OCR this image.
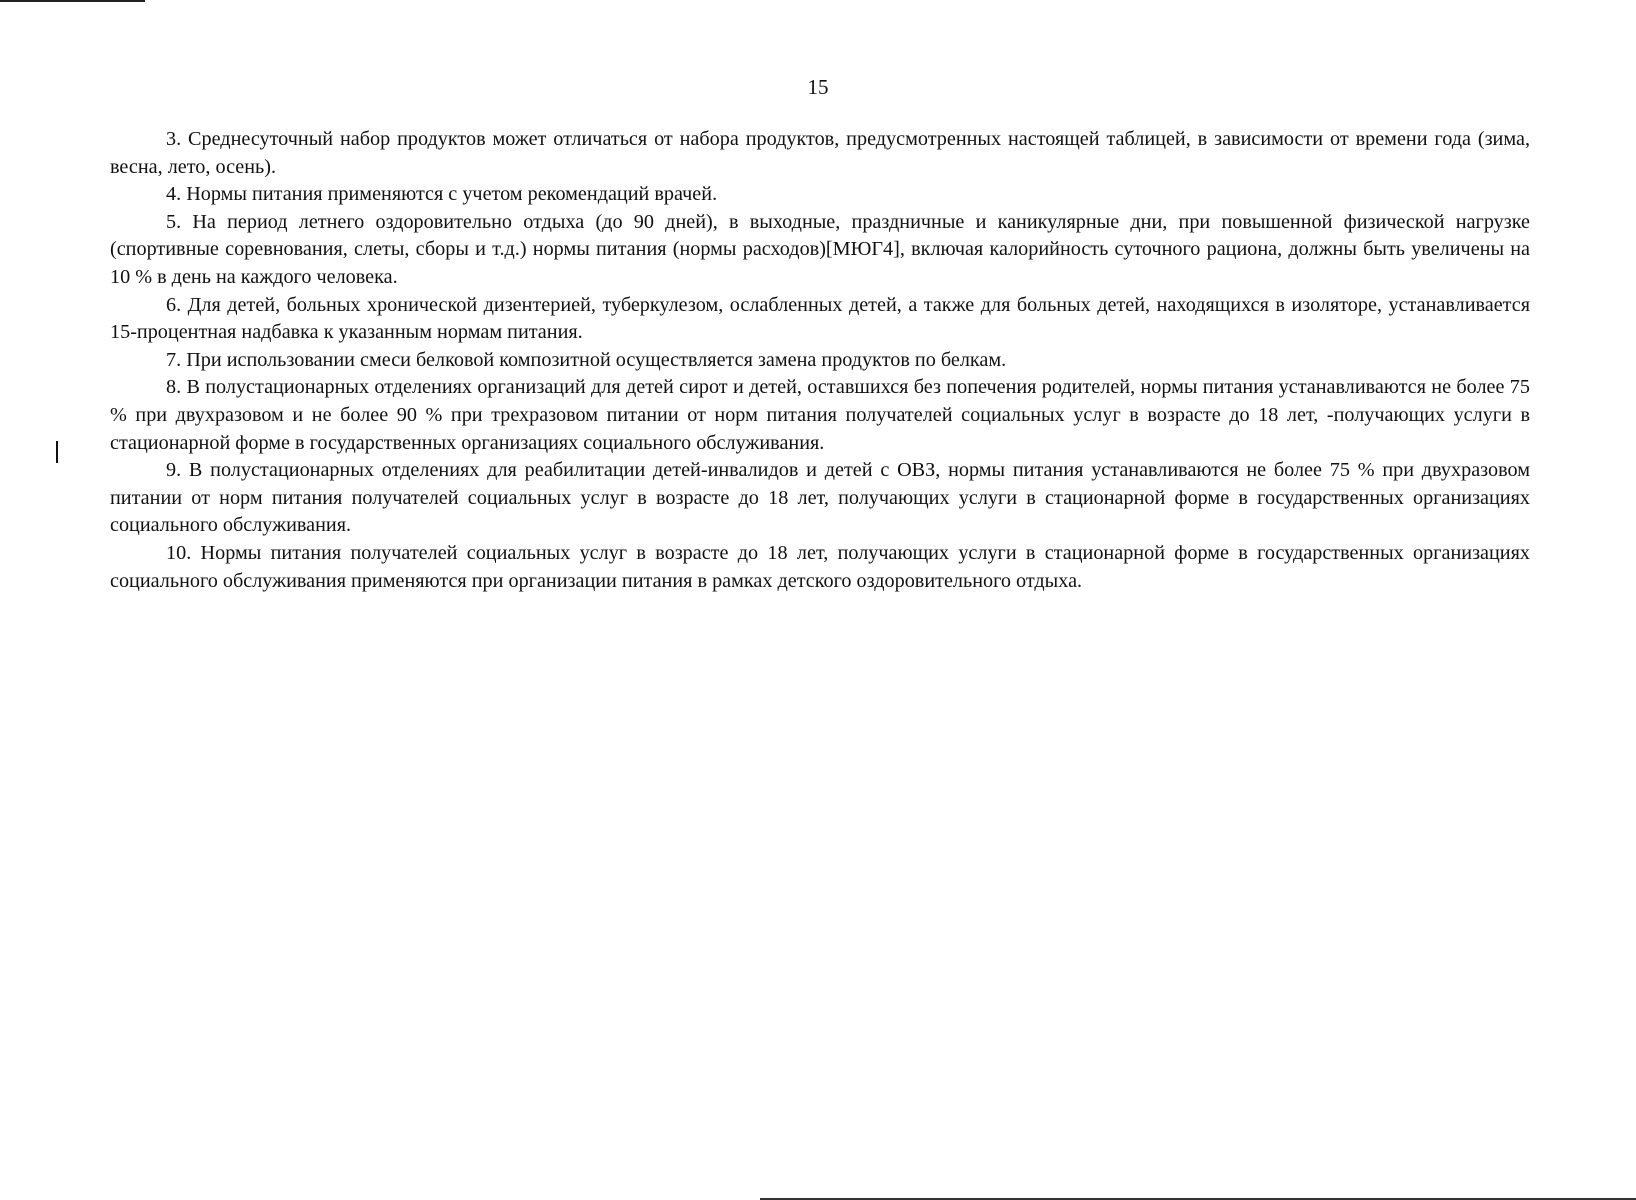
15

3. Среднесуточный набор продуктов может отличаться от набора продуктов, предусмотренных настоящей таблицей, в зависимости от времени года (зима, весна, лето, осень).

4. Нормы питания применяются с учетом рекомендаций врачей.

5. На период летнего оздоровительно отдыха (до 90 дней), в выходные, праздничные и каникулярные дни, при повышенной физической нагрузке (спортивные соревнования, слеты, сборы и т.д.) нормы питания (нормы расходов)[МЮГ4], включая калорийность суточного рациона, должны быть увеличены на 10 % в день на каждого человека.

6. Для детей, больных хронической дизентерией, туберкулезом, ослабленных детей, а также для больных детей, находящихся в изоляторе, устанавливается 15-процентная надбавка к указанным нормам питания.

7. При использовании смеси белковой композитной осуществляется замена продуктов по белкам.

8. В полустационарных отделениях организаций для детей сирот и детей, оставшихся без попечения родителей, нормы питания устанавливаются не более 75 % при двухразовом и не более 90 % при трехразовом питании от норм питания получателей социальных услуг в возрасте до 18 лет, -получающих услуги в стационарной форме в государственных организациях социального обслуживания.

9. В полустационарных отделениях для реабилитации детей-инвалидов и детей с ОВЗ, нормы питания устанавливаются не более 75 % при двухразовом питании от норм питания получателей социальных услуг в возрасте до 18 лет, получающих услуги в стационарной форме в государственных организациях социального обслуживания.

10. Нормы питания получателей социальных услуг в возрасте до 18 лет, получающих услуги в стационарной форме в государственных организациях социального обслуживания применяются при организации питания в рамках детского оздоровительного отдыха.
